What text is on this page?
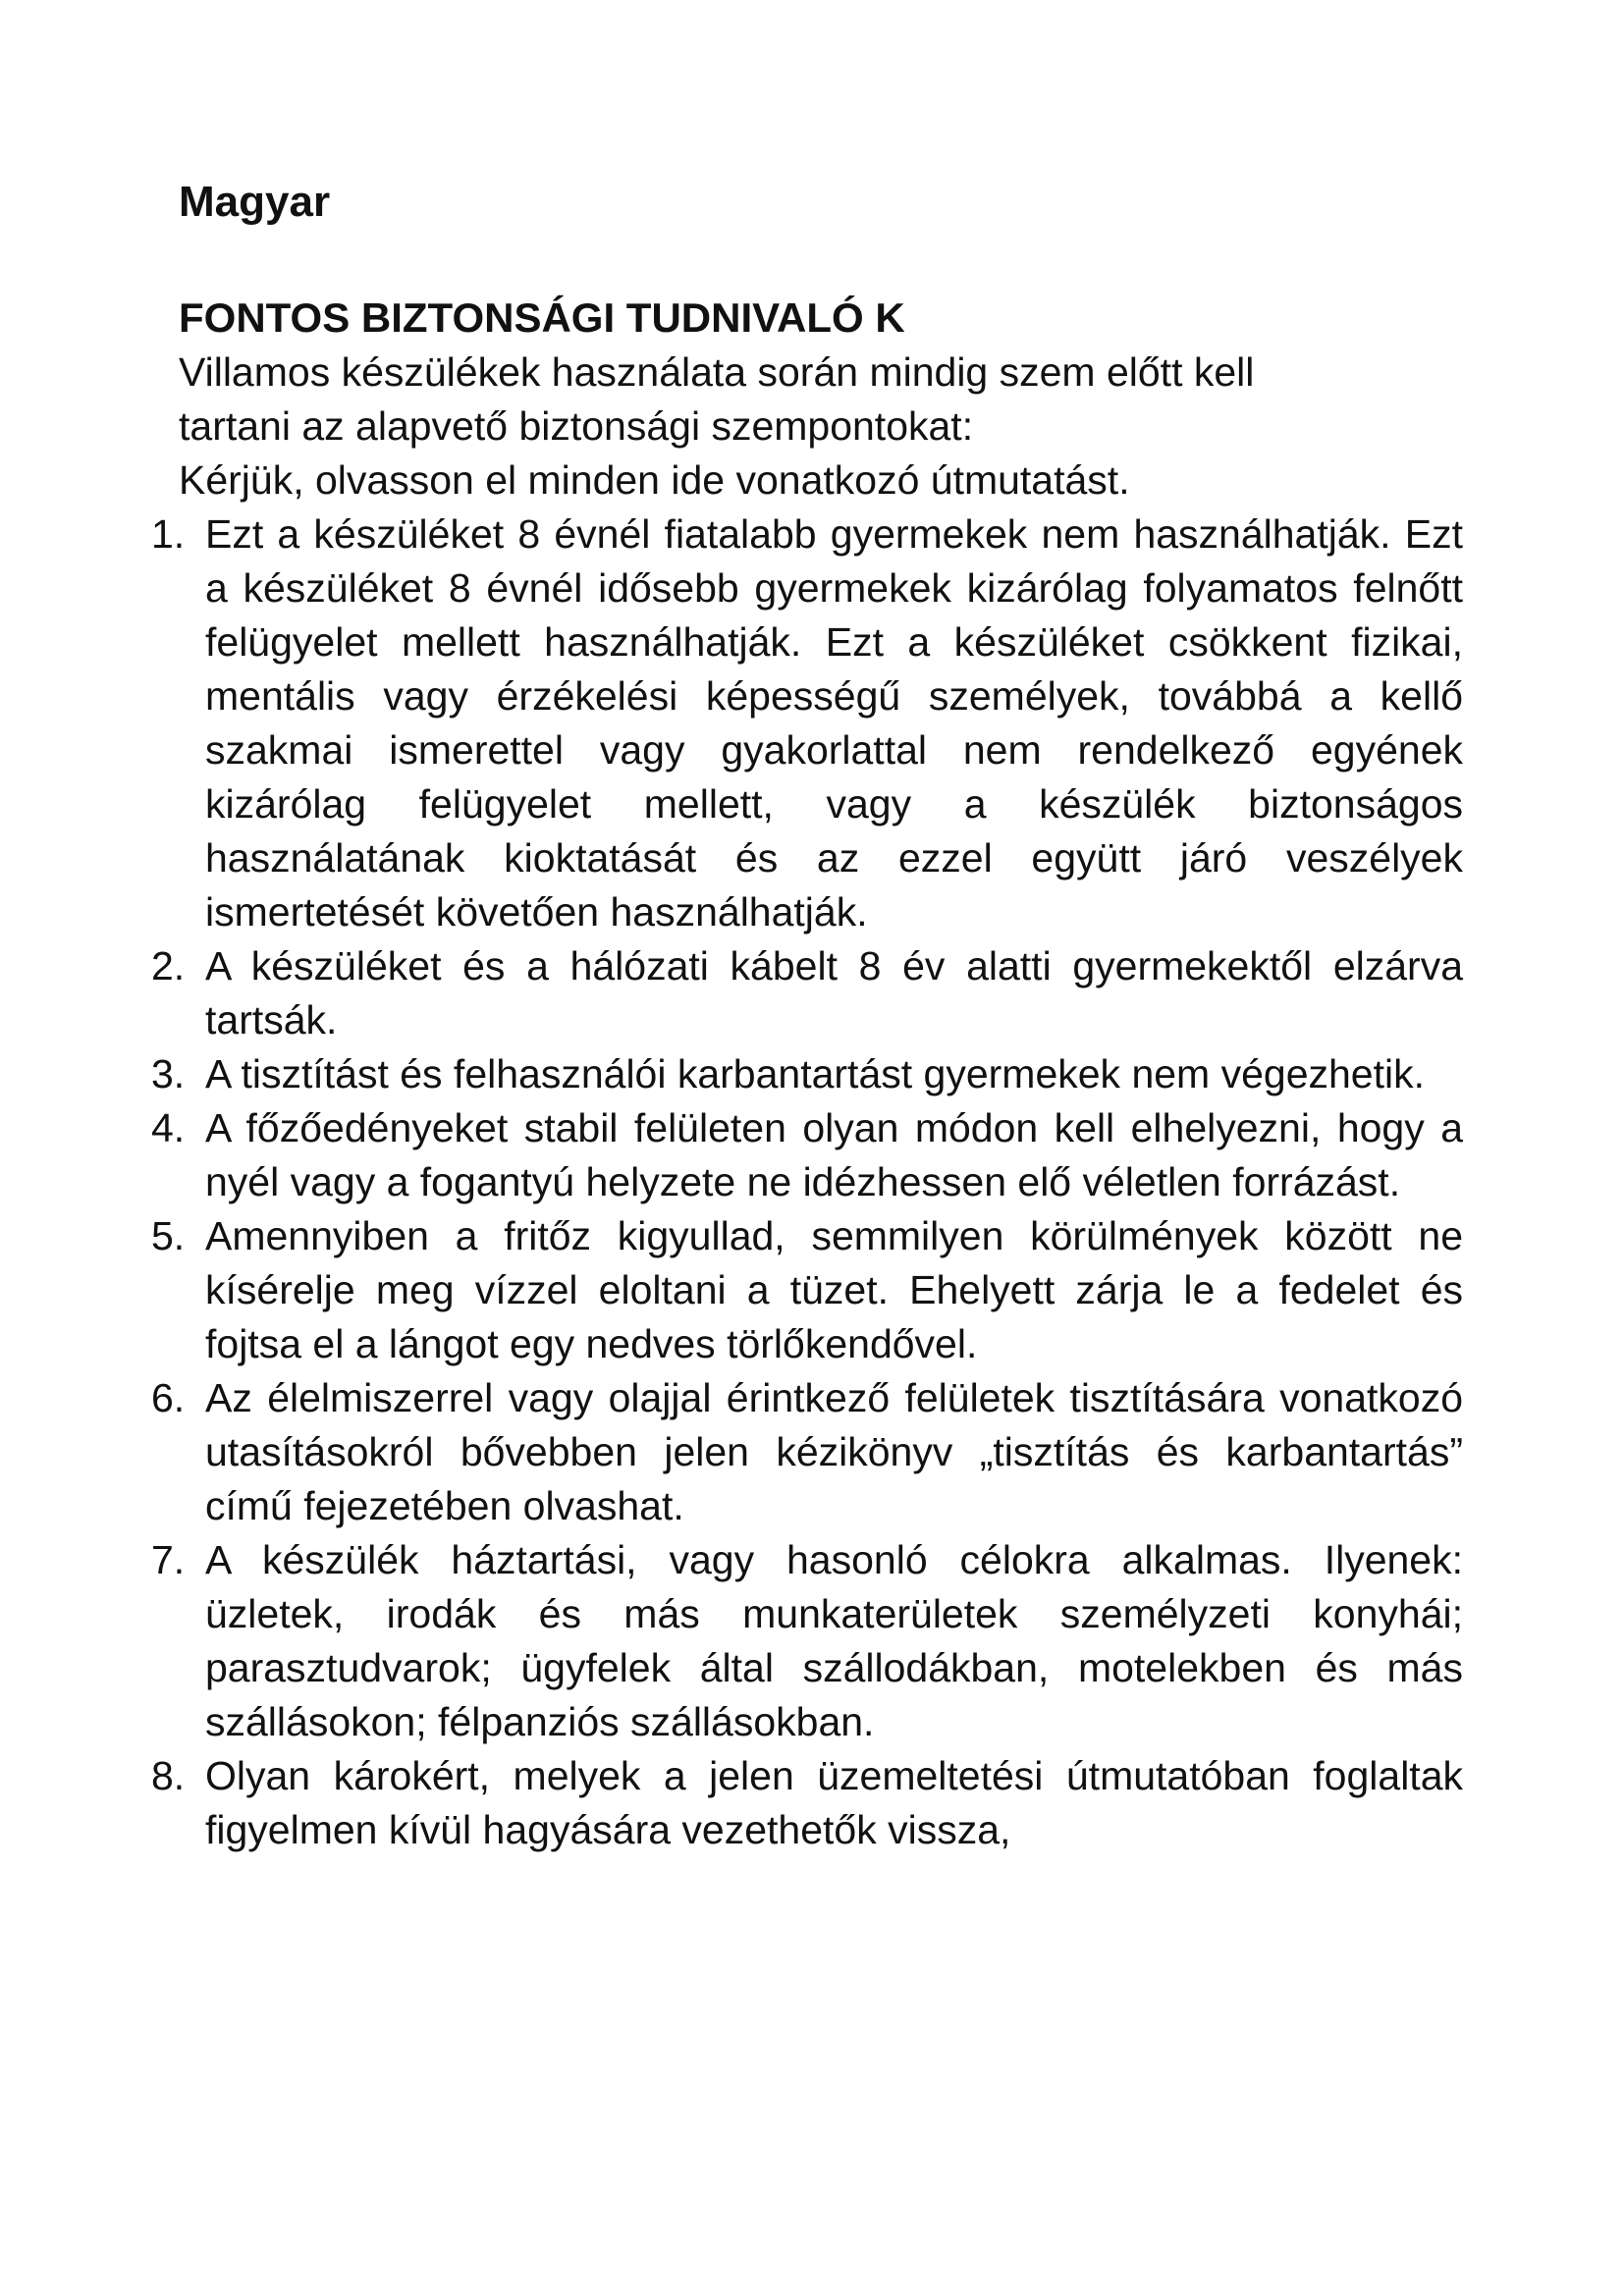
Magyar
FONTOS BIZTONSÁGI TUDNIVALÓ K

Villamos készülékek használata során mindig szem előtt kell

tartani az alapvető biztonsági szempontokat:

Kérjük, olvasson el minden ide vonatkozó útmutatást.

1. Ezt a készüléket 8 évnél fiatalabb gyermekek nem használhatják. Ezt a készüléket 8 évnél idősebb gyermekek kizárólag folyamatos felnőtt felügyelet mellett használhatják. Ezt a készüléket csökkent fizikai, mentális vagy érzékelési képességű személyek, továbbá a kellő szakmai ismerettel vagy gyakorlattal nem rendelkező egyének kizárólag felügyelet mellett, vagy a készülék biztonságos használatának kioktatását és az ezzel együtt járó veszélyek ismertetését követően használhatják.
2. A készüléket és a hálózati kábelt 8 év alatti gyermekektől elzárva tartsák.
3. A tisztítást és felhasználói karbantartást gyermekek nem végezhetik.
4. A főzőedényeket stabil felületen olyan módon kell elhelyezni, hogy a nyél vagy a fogantyú helyzete ne idézhessen elő véletlen forrázást.
5. Amennyiben a fritőz kigyullad, semmilyen körülmények között ne kísérelje meg vízzel eloltani a tüzet. Ehelyett zárja le a fedelet és fojtsa el a lángot egy nedves törlőkendővel.
6. Az élelmiszerrel vagy olajjal érintkező felületek tisztítására vonatkozó utasításokról bővebben jelen kézikönyv „tisztítás és karbantartás” című fejezetében olvashat.
7. A készülék háztartási, vagy hasonló célokra alkalmas. Ilyenek: üzletek, irodák és más munkaterületek személyzeti konyhái; parasztudvarok; ügyfelek által szállodákban, motelekben és más szállásokon; félpanziós szállásokban.
8. Olyan károkért, melyek a jelen üzemeltetési útmutatóban foglaltak figyelmen kívül hagyására vezethetők vissza,
